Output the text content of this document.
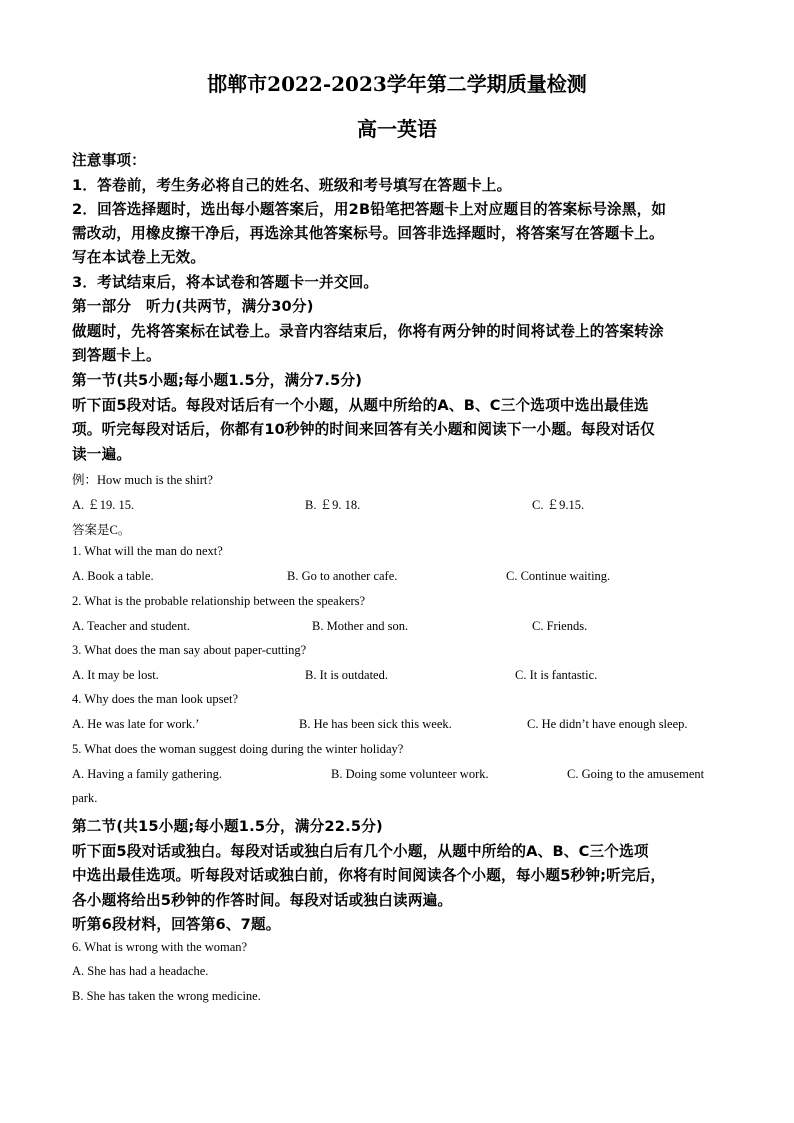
邯郸市2022-2023学年第二学期质量检测
高一英语
注意事项：
1．答卷前，考生务必将自己的姓名、班级和考号填写在答题卡上。
2．回答选择题时，选出每小题答案后，用2B铅笔把答题卡上对应题目的答案标号涂黑，如
需改动，用橡皮擦干净后，再选涂其他答案标号。回答非选择题时，将答案写在答题卡上。
写在本试卷上无效。
3．考试结束后，将本试卷和答题卡一并交回。
第一部分　听力(共两节，满分30分)
做题时，先将答案标在试卷上。录音内容结束后，你将有两分钟的时间将试卷上的答案转涂
到答题卡上。
第一节(共5小题;每小题1.5分，满分7.5分)
听下面5段对话。每段对话后有一个小题，从题中所给的A、B、C三个选项中选出最佳选
项。听完每段对话后，你都有10秒钟的时间来回答有关小题和阅读下一小题。每段对话仅
读一遍。
例：How much is the shirt?
A. ￡19. 15.	B. ￡9. 18.	C. ￡9.15.
答案是C。
1. What will the man do next?
A. Book a table.	B. Go to another cafe.	C. Continue waiting.
2. What is the probable relationship between the speakers?
A. Teacher and student.	B. Mother and son.	C. Friends.
3. What does the man say about paper-cutting?
A. It may be lost.	B. It is outdated.	C. It is fantastic.
4. Why does the man look upset?
A. He was late for work.’	B. He has been sick this week.	C. He didn’t have enough sleep.
5. What does the woman suggest doing during the winter holiday?
A. Having a family gathering.	B. Doing some volunteer work.	C. Going to the amusement
park.
第二节(共15小题;每小题1.5分，满分22.5分)
听下面5段对话或独白。每段对话或独白后有几个小题，从题中所给的A、B、C三个选项
中选出最佳选项。听每段对话或独白前，你将有时间阅读各个小题，每小题5秒钟;听完后，
各小题将给出5秒钟的作答时间。每段对话或独白读两遍。
听第6段材料，回答第6、7题。
6. What is wrong with the woman?
A. She has had a headache.
B. She has taken the wrong medicine.
